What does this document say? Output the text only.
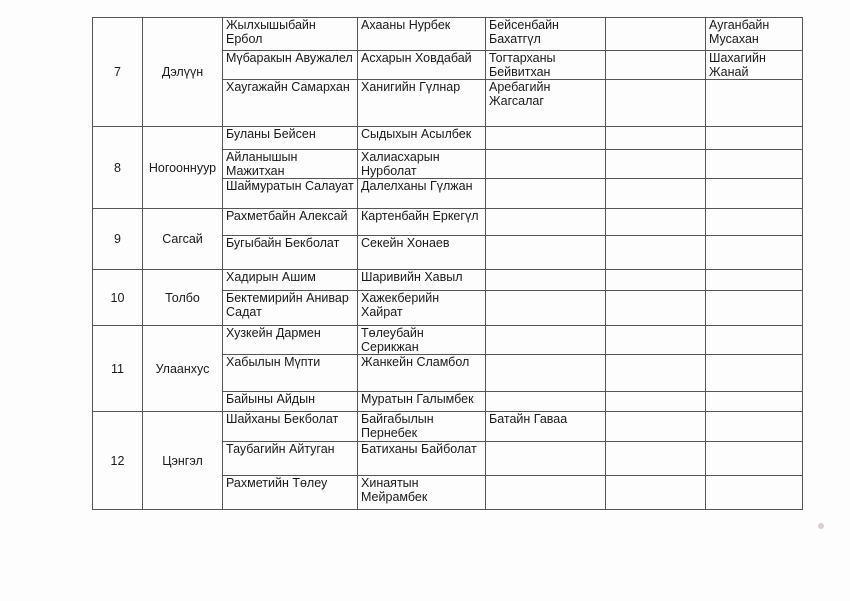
7	Дэлүүн	Жылхышыбайн Ербол	Ахааны Нурбек	Бейсенбайн Бахатгүл		Ауганбайн Мусахан
		Мүбаракын Авужалел	Асхарын Ховдабай	Тогтарханы Бейвитхан		Шахагийн Жанай
		Хаугажайн Самархан	Ханигийн Гүлнар	Аребагийн Жагсалаг		
8	Ногооннуур	Буланы Бейсен	Сыдыхын Асылбек			
		Айланышын Мажитхан	Халиасхарын Нурболат			
		Шаймуратын Салауат	Далелханы Гүлжан			
9	Сагсай	Рахметбайн Алексай	Картенбайн Еркегүл			
		Бугыбайн Бекболат	Секейн Хонаев			
10	Толбо	Хадирын Ашим	Шаривийн Хавыл			
		Бектемирийн Анивар Садат	Хажекберийн Хайрат			
11	Улаанхус	Хузкейн Дармен	Төлеубайн Серикжан			
		Хабылын Мүпти	Жанкейн Сламбол			
		Байыны Айдын	Муратын Галымбек			
12	Цэнгэл	Шайханы Бекболат	Байгабылын Пернебек	Батайн Гаваа		
		Таубагийн Айтуган	Батиханы Байболат			
		Рахметийн Төлеу	Хинаятын Мейрамбек			
